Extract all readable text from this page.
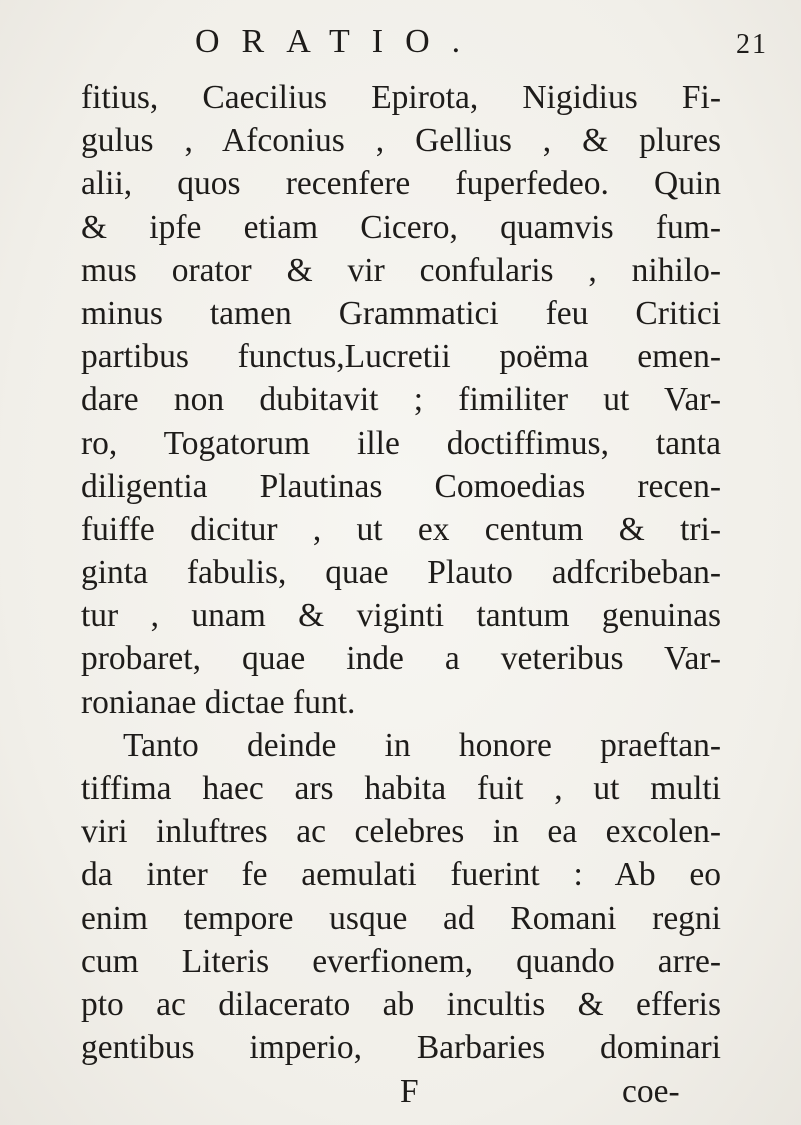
ORATIO.	21
fitius, Caecilius Epirota, Nigidius Fi-
gulus , Afconius , Gellius , & plures
alii, quos recenfere fuperfedeo. Quin
& ipfe etiam Cicero, quamvis fum-
mus orator & vir confularis , nihilo-
minus tamen Grammatici feu Critici
partibus functus,Lucretii poëma emen-
dare non dubitavit ; fimiliter ut Var-
ro, Togatorum ille doctiffimus, tanta
diligentia Plautinas Comoedias recen-
fuiffe dicitur , ut ex centum & tri-
ginta fabulis, quae Plauto adfcribeban-
tur , unam & viginti tantum genuinas
probaret, quae inde a veteribus Var-
ronianae dictae funt.
Tanto deinde in honore praeftan-
tiffima haec ars habita fuit , ut multi
viri inluftres ac celebres in ea excolen-
da inter fe aemulati fuerint : Ab eo
enim tempore usque ad Romani regni
cum Literis everfionem, quando arre-
pto ac dilacerato ab incultis & efferis
gentibus imperio, Barbaries dominari
F	coe-
